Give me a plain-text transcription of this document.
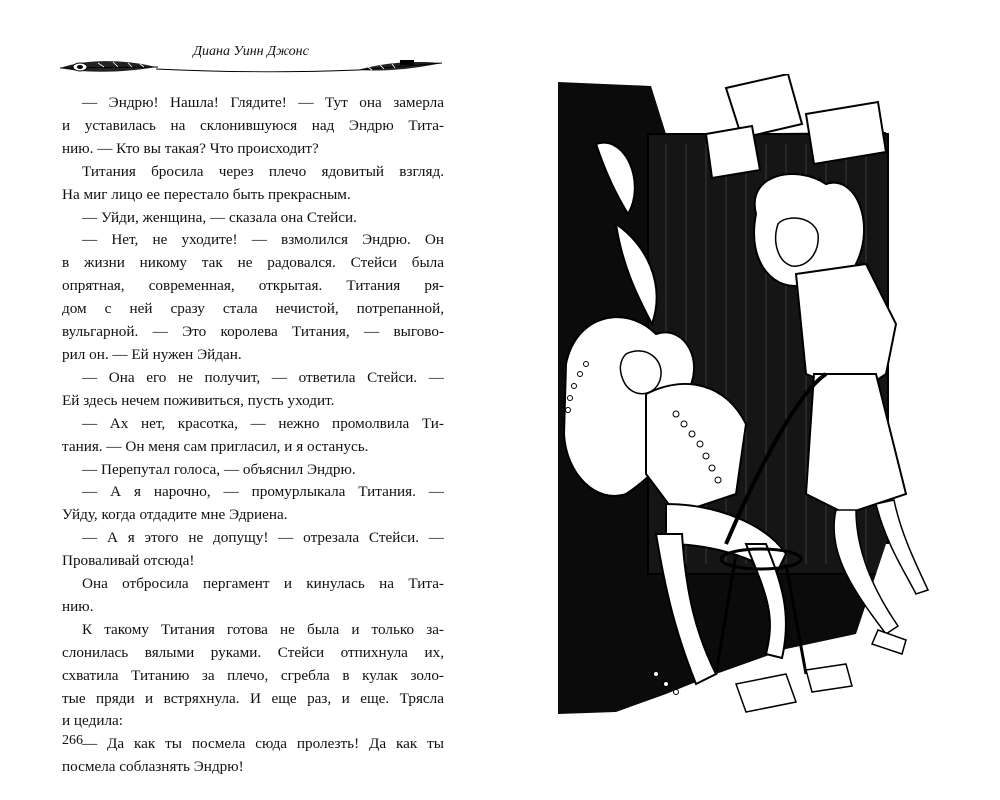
Диана Уинн Джонс

— Эндрю! Нашла! Глядите! — Тут она замерла
и уставилась на склонившуюся над Эндрю Тита-
нию. — Кто вы такая? Что происходит?

Титания бросила через плечо ядовитый взгляд.
На миг лицо ее перестало быть прекрасным.

— Уйди, женщина, — сказала она Стейси.

— Нет, не уходите! — взмолился Эндрю. Он
в жизни никому так не радовался. Стейси была
опрятная, современная, открытая. Титания ря-
дом с ней сразу стала нечистой, потрепанной,
вульгарной. — Это королева Титания, — выгово-
рил он. — Ей нужен Эйдан.

— Она его не получит, — ответила Стейси. —
Ей здесь нечем поживиться, пусть уходит.

— Ах нет, красотка, — нежно промолвила Ти-
тания. — Он меня сам пригласил, и я останусь.

— Перепутал голоса, — объяснил Эндрю.

— А я нарочно, — промурлыкала Титания. —
Уйду, когда отдадите мне Эдриена.

— А я этого не допущу! — отрезала Стейси. —
Проваливай отсюда!

Она отбросила пергамент и кинулась на Тита-
нию.

К такому Титания готова не была и только за-
слонилась вялыми руками. Стейси отпихнула их,
схватила Титанию за плечо, сгребла в кулак золо-
тые пряди и встряхнула. И еще раз, и еще. Трясла
и цедила:

— Да как ты посмела сюда пролезть! Да как ты
посмела соблазнять Эндрю!

266
